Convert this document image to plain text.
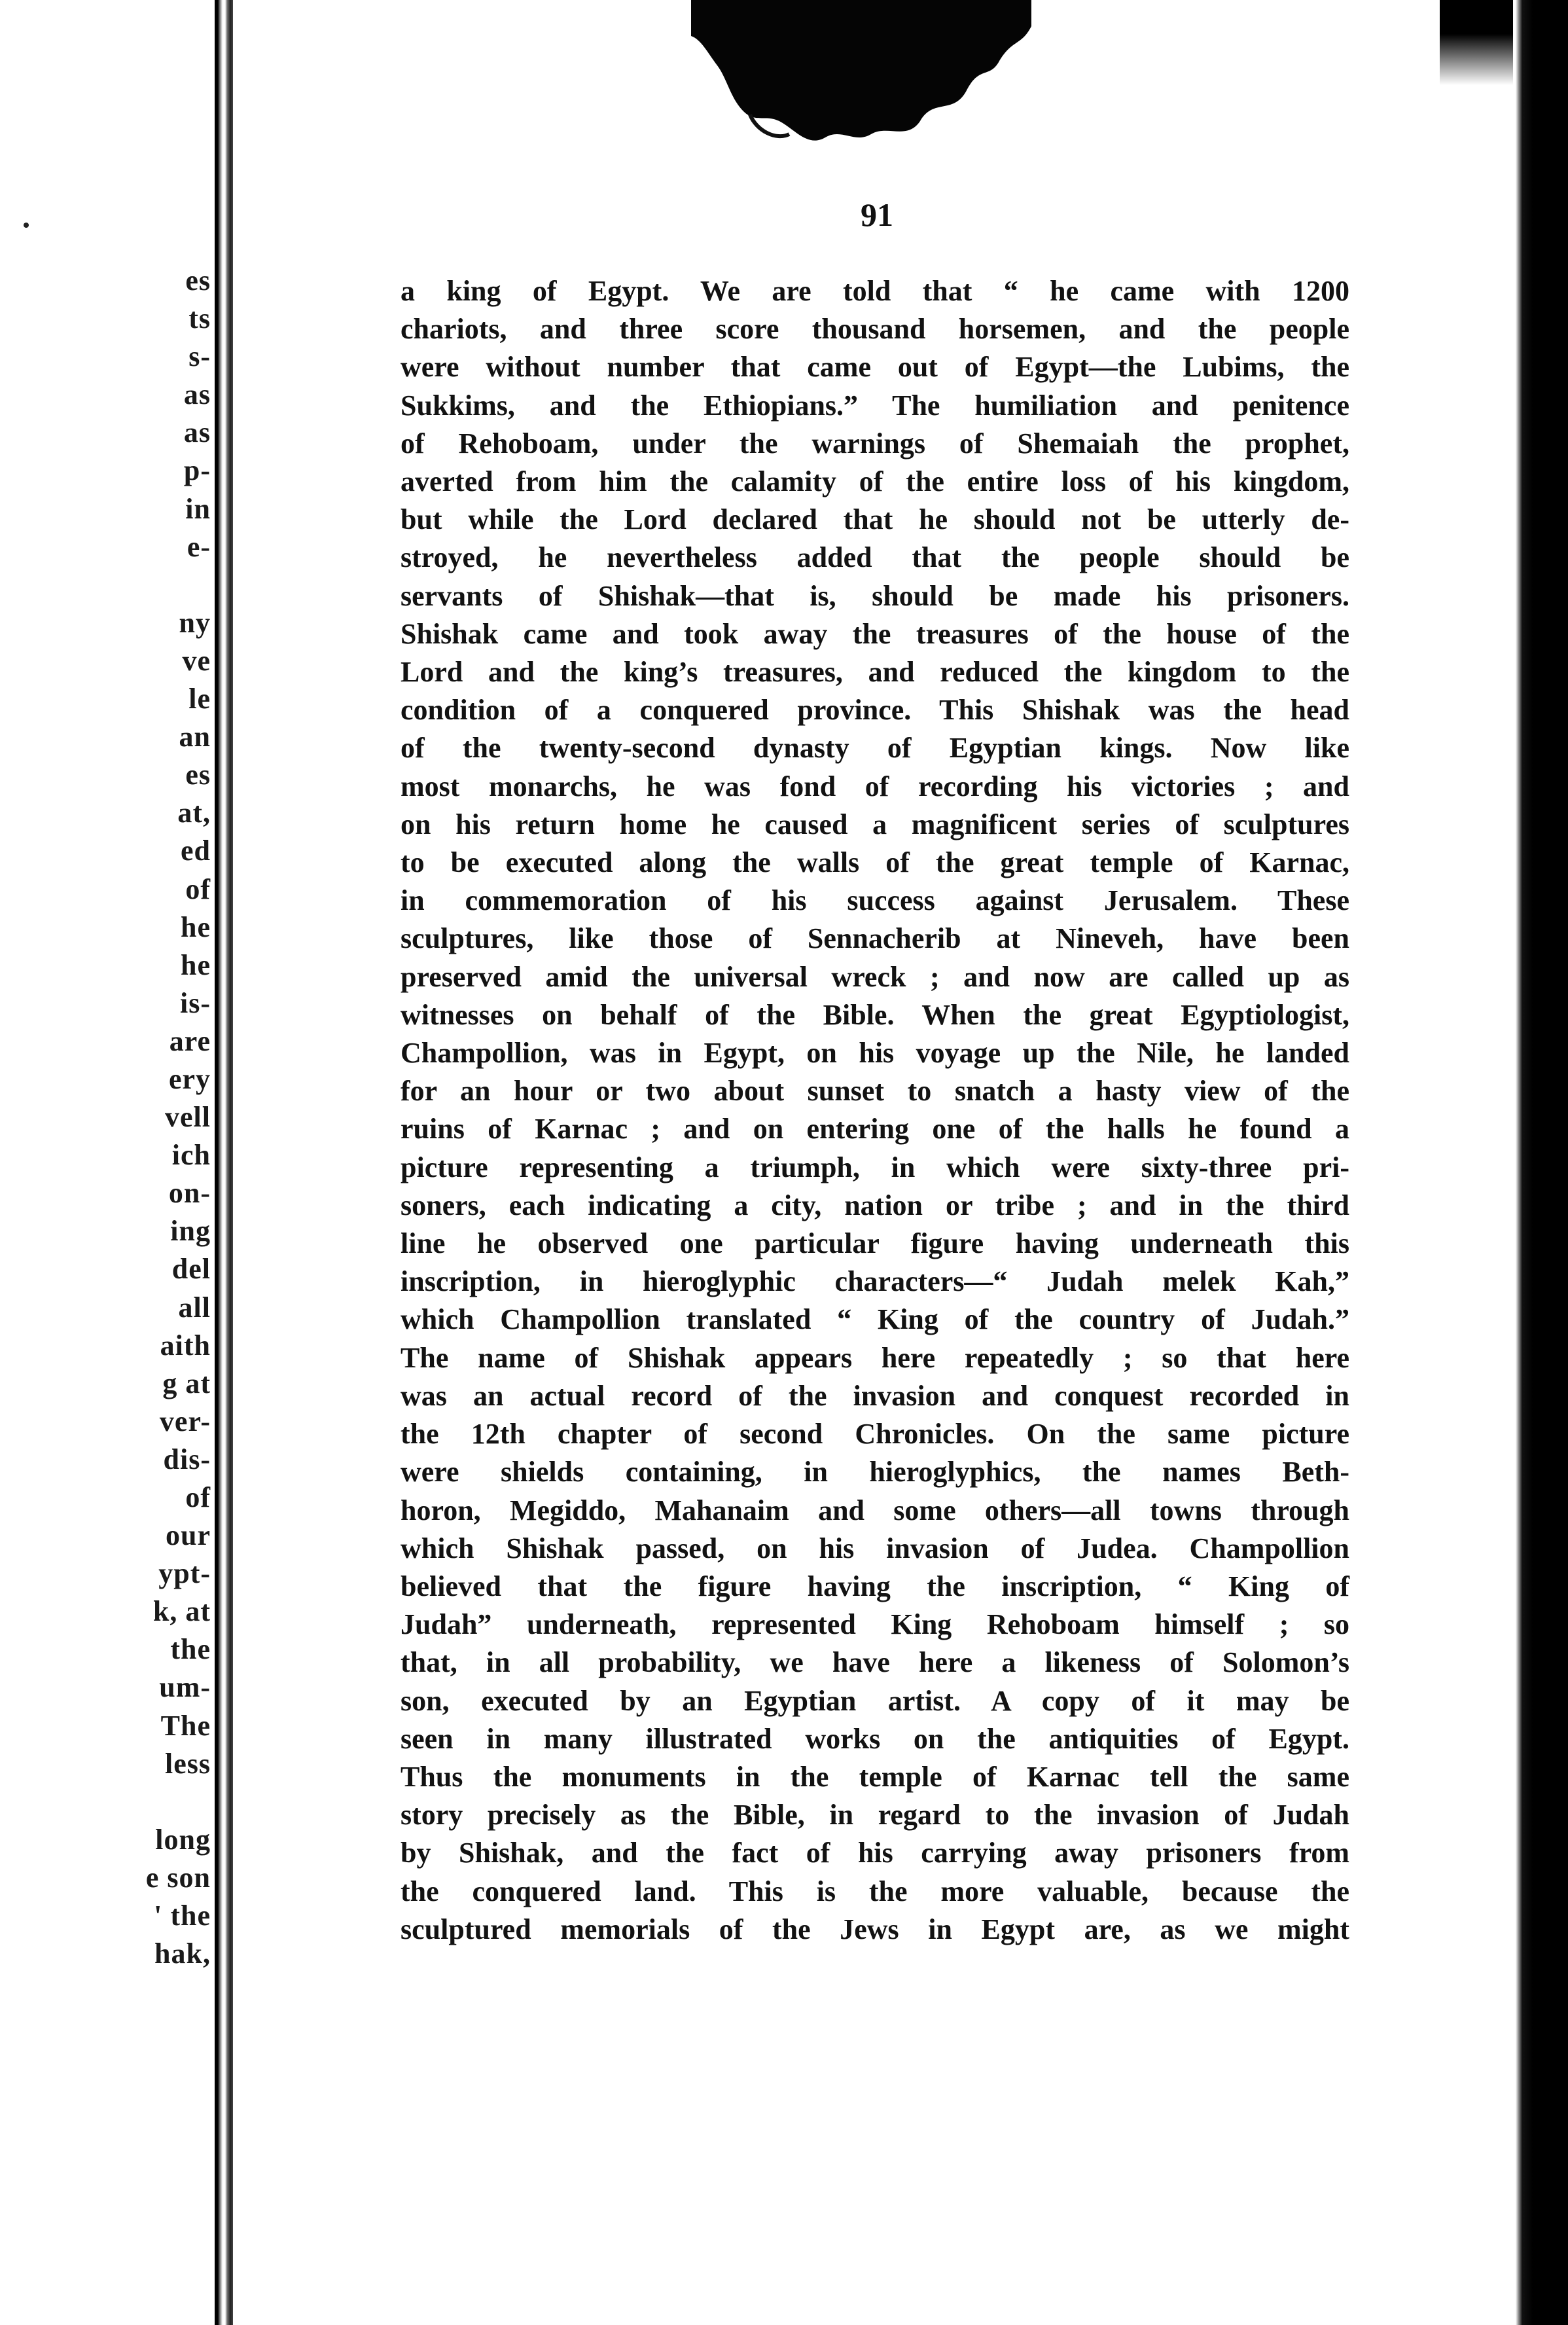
es
ts
s-
as
as
p-
in
e-

ny
ve
le
an
es
at,
ed
of
he
he
is-
are
ery
vell
ich
on-
ing
del
all
aith
g at
ver-
dis-
of
our
ypt-
k, at
the
um-
The
less

long
e son
' the
hak,
91
a king of Egypt. We are told that “ he came with 1200
chariots, and three score thousand horsemen, and the people
were without number that came out of Egypt—the Lubims, the
Sukkims, and the Ethiopians.” The humiliation and penitence
of Rehoboam, under the warnings of Shemaiah the prophet,
averted from him the calamity of the entire loss of his kingdom,
but while the Lord declared that he should not be utterly de-
stroyed, he nevertheless added that the people should be
servants of Shishak—that is, should be made his prisoners.
Shishak came and took away the treasures of the house of the
Lord and the king’s treasures, and reduced the kingdom to the
condition of a conquered province. This Shishak was the head
of the twenty-second dynasty of Egyptian kings. Now like
most monarchs, he was fond of recording his victories ; and
on his return home he caused a magnificent series of sculptures
to be executed along the walls of the great temple of Karnac,
in commemoration of his success against Jerusalem. These
sculptures, like those of Sennacherib at Nineveh, have been
preserved amid the universal wreck ; and now are called up as
witnesses on behalf of the Bible. When the great Egyptiologist,
Champollion, was in Egypt, on his voyage up the Nile, he landed
for an hour or two about sunset to snatch a hasty view of the
ruins of Karnac ; and on entering one of the halls he found a
picture representing a triumph, in which were sixty-three pri-
soners, each indicating a city, nation or tribe ; and in the third
line he observed one particular figure having underneath this
inscription, in hieroglyphic characters—“ Judah melek Kah,”
which Champollion translated “ King of the country of Judah.”
The name of Shishak appears here repeatedly ; so that here
was an actual record of the invasion and conquest recorded in
the 12th chapter of second Chronicles. On the same picture
were shields containing, in hieroglyphics, the names Beth-
horon, Megiddo, Mahanaim and some others—all towns through
which Shishak passed, on his invasion of Judea. Champollion
believed that the figure having the inscription, “ King of
Judah” underneath, represented King Rehoboam himself ; so
that, in all probability, we have here a likeness of Solomon’s
son, executed by an Egyptian artist. A copy of it may be
seen in many illustrated works on the antiquities of Egypt.
Thus the monuments in the temple of Karnac tell the same
story precisely as the Bible, in regard to the invasion of Judah
by Shishak, and the fact of his carrying away prisoners from
the conquered land. This is the more valuable, because the
sculptured memorials of the Jews in Egypt are, as we might
